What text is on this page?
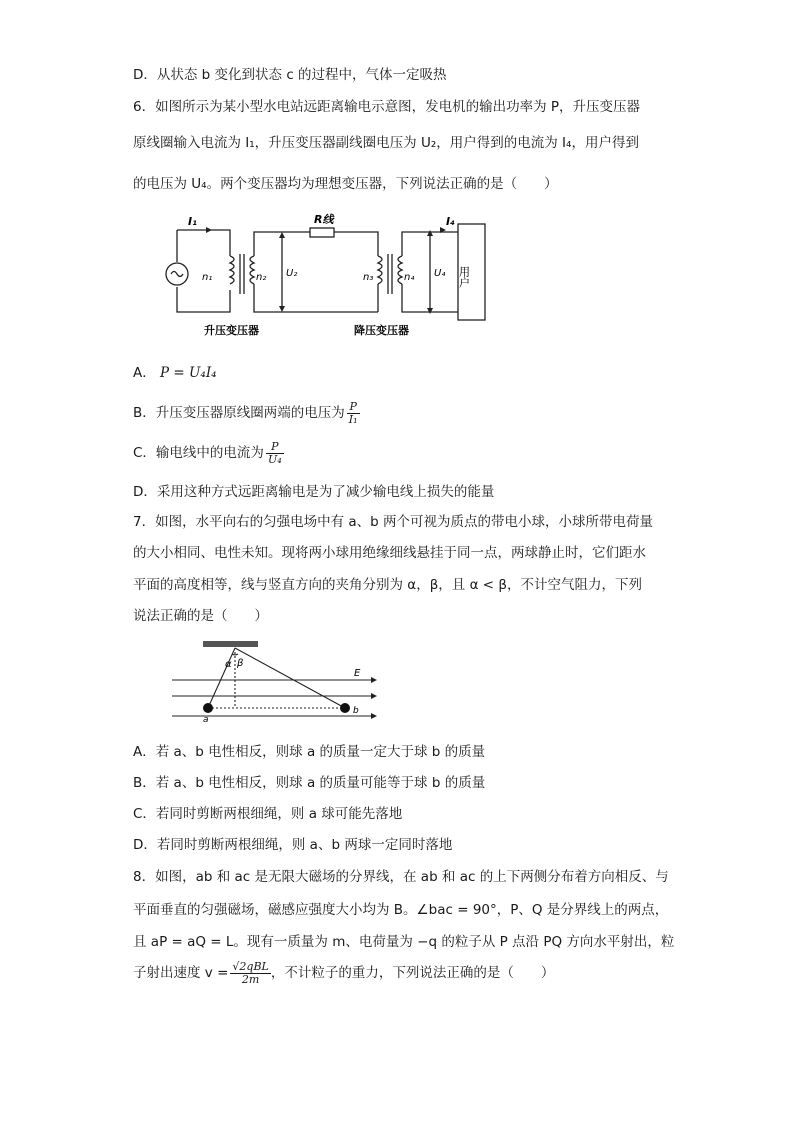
D．从状态 b 变化到状态 c 的过程中，气体一定吸热
6．如图所示为某小型水电站远距离输电示意图，发电机的输出功率为 P，升压变压器
原线圈输入电流为 I₁，升压变压器副线圈电压为 U₂，用户得到的电流为 I₄，用户得到
的电压为 U₄。两个变压器均为理想变压器，下列说法正确的是（　　）
I₁
n₁	n₂ U₂
R线
n₃	n₄ U₄
I₄
用户
升压变压器	降压变压器
A． P = U₄I₄
B．升压变压器原线圈两端的电压为 $\frac{P}{\text{I₁}}$
C．输电线中的电流为 $\frac{P}{\text{U₄}}$
D．采用这种方式远距离输电是为了减少输电线上损失的能量
7．如图，水平向右的匀强电场中有 a、b 两个可视为质点的带电小球，小球所带电荷量
的大小相同、电性未知。现将两小球用绝缘细线悬挂于同一点，两球静止时，它们距水
平面的高度相等，线与竖直方向的夹角分别为 α，β，且 α < β，不计空气阻力，下列
说法正确的是（　　）
α β
E
a
b
A．若 a、b 电性相反，则球 a 的质量一定大于球 b 的质量
B．若 a、b 电性相反，则球 a 的质量可能等于球 b 的质量
C．若同时剪断两根细绳，则 a 球可能先落地
D．若同时剪断两根细绳，则 a、b 两球一定同时落地
8．如图，ab 和 ac 是无限大磁场的分界线，在 ab 和 ac 的上下两侧分布着方向相反、与
平面垂直的匀强磁场，磁感应强度大小均为 B。∠bac = 90°，P、Q 是分界线上的两点，
且 aP = aQ = L。现有一质量为 m、电荷量为 −q 的粒子从 P 点沿 PQ 方向水平射出，粒
子射出速度 $v = \frac{\text{√2qBL}}{2m}$ ，不计粒子的重力，下列说法正确的是（　　）
